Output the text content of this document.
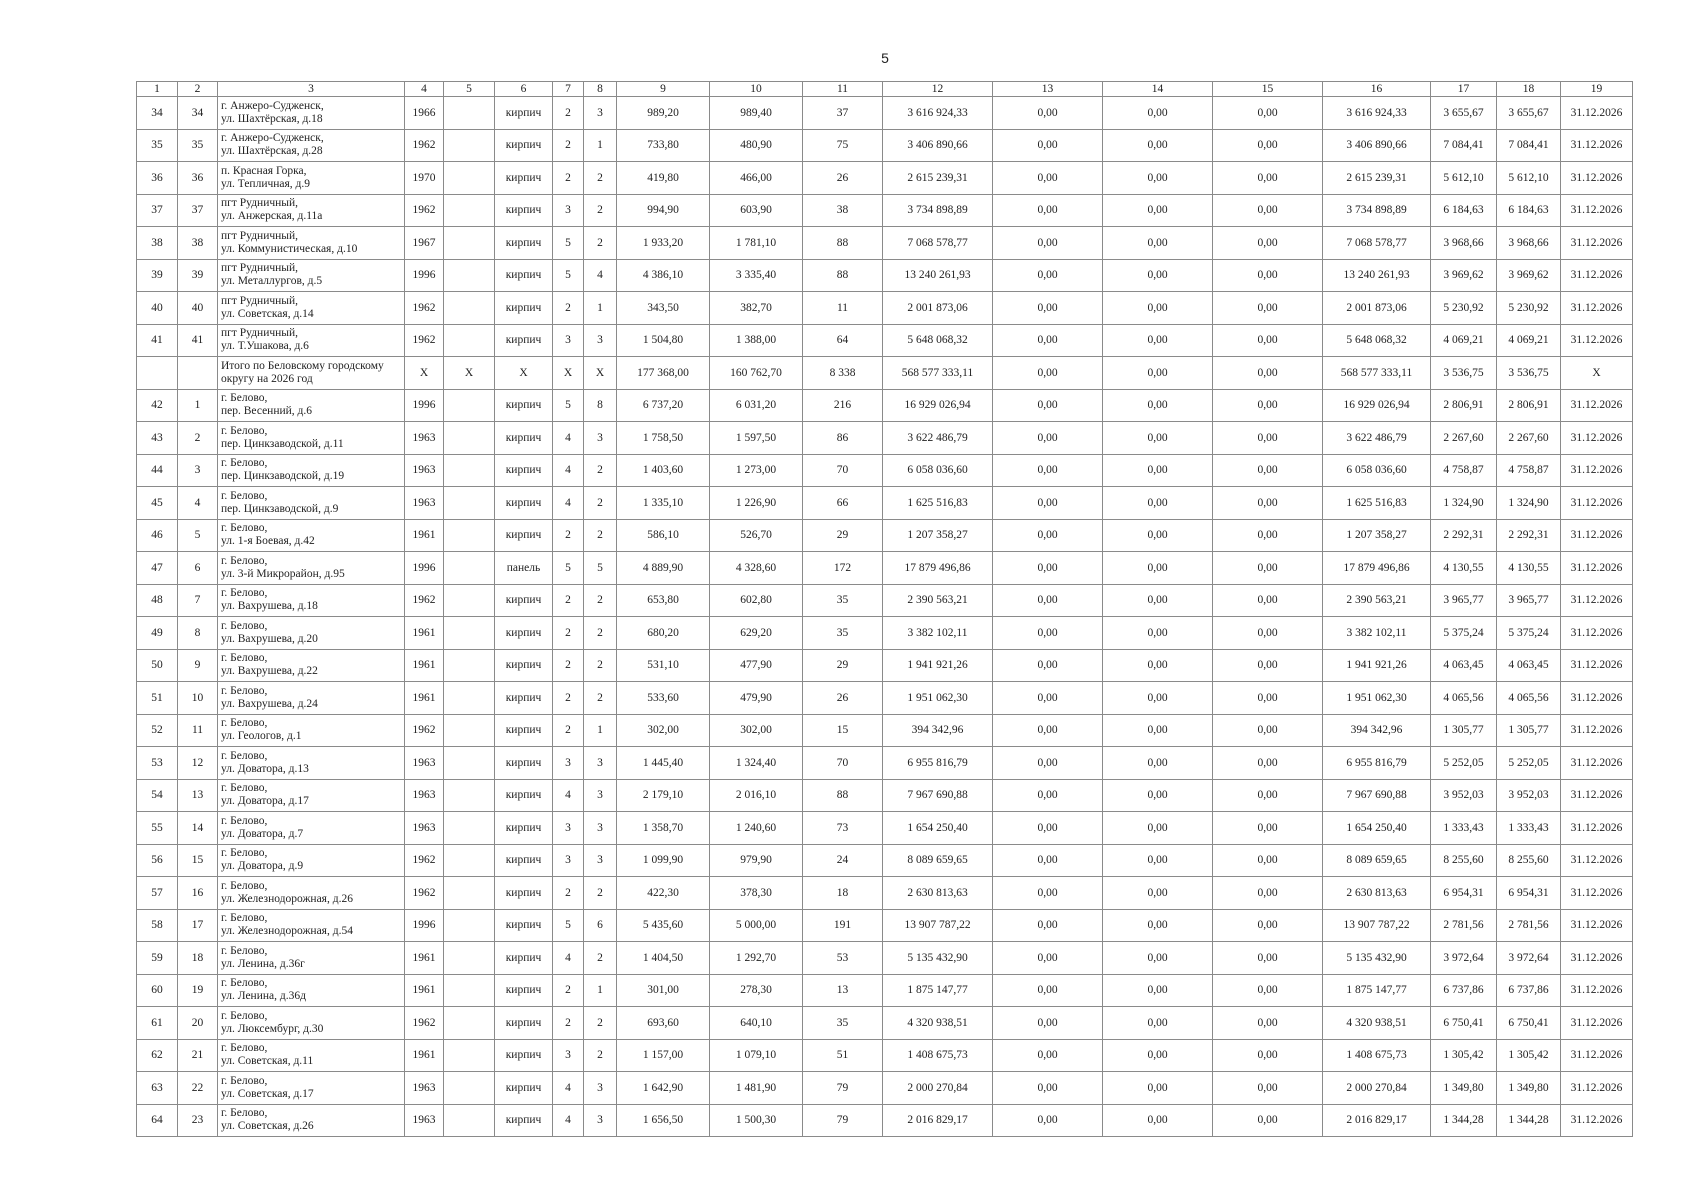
5
1	2	3	4	5	6	7	8	9	10	11	12	13	14	15	16	17	18	19
34	34	г. Анжеро-Судженск,
ул. Шахтёрская, д.18	1966		кирпич	2	3	989,20	989,40	37	3 616 924,33	0,00	0,00	0,00	3 616 924,33	3 655,67	3 655,67	31.12.2026
35	35	г. Анжеро-Судженск,
ул. Шахтёрская, д.28	1962		кирпич	2	1	733,80	480,90	75	3 406 890,66	0,00	0,00	0,00	3 406 890,66	7 084,41	7 084,41	31.12.2026
36	36	п. Красная Горка,
ул. Тепличная, д.9	1970		кирпич	2	2	419,80	466,00	26	2 615 239,31	0,00	0,00	0,00	2 615 239,31	5 612,10	5 612,10	31.12.2026
37	37	пгт Рудничный,
ул. Анжерская, д.11а	1962		кирпич	3	2	994,90	603,90	38	3 734 898,89	0,00	0,00	0,00	3 734 898,89	6 184,63	6 184,63	31.12.2026
38	38	пгт Рудничный,
ул. Коммунистическая, д.10	1967		кирпич	5	2	1 933,20	1 781,10	88	7 068 578,77	0,00	0,00	0,00	7 068 578,77	3 968,66	3 968,66	31.12.2026
39	39	пгт Рудничный,
ул. Металлургов, д.5	1996		кирпич	5	4	4 386,10	3 335,40	88	13 240 261,93	0,00	0,00	0,00	13 240 261,93	3 969,62	3 969,62	31.12.2026
40	40	пгт Рудничный,
ул. Советская, д.14	1962		кирпич	2	1	343,50	382,70	11	2 001 873,06	0,00	0,00	0,00	2 001 873,06	5 230,92	5 230,92	31.12.2026
41	41	пгт Рудничный,
ул. Т.Ушакова, д.6	1962		кирпич	3	3	1 504,80	1 388,00	64	5 648 068,32	0,00	0,00	0,00	5 648 068,32	4 069,21	4 069,21	31.12.2026

		Итого по Беловскому городскому
округу на 2026 год	X	X	X	X	X	177 368,00	160 762,70	8 338	568 577 333,11	0,00	0,00	0,00	568 577 333,11	3 536,75	3 536,75	X
42	1	г. Белово,
пер. Весенний, д.6	1996		кирпич	5	8	6 737,20	6 031,20	216	16 929 026,94	0,00	0,00	0,00	16 929 026,94	2 806,91	2 806,91	31.12.2026
43	2	г. Белово,
пер. Цинкзаводской, д.11	1963		кирпич	4	3	1 758,50	1 597,50	86	3 622 486,79	0,00	0,00	0,00	3 622 486,79	2 267,60	2 267,60	31.12.2026
44	3	г. Белово,
пер. Цинкзаводской, д.19	1963		кирпич	4	2	1 403,60	1 273,00	70	6 058 036,60	0,00	0,00	0,00	6 058 036,60	4 758,87	4 758,87	31.12.2026
45	4	г. Белово,
пер. Цинкзаводской, д.9	1963		кирпич	4	2	1 335,10	1 226,90	66	1 625 516,83	0,00	0,00	0,00	1 625 516,83	1 324,90	1 324,90	31.12.2026
46	5	г. Белово,
ул. 1-я Боевая, д.42	1961		кирпич	2	2	586,10	526,70	29	1 207 358,27	0,00	0,00	0,00	1 207 358,27	2 292,31	2 292,31	31.12.2026
47	6	г. Белово,
ул. 3-й Микрорайон, д.95	1996		панель	5	5	4 889,90	4 328,60	172	17 879 496,86	0,00	0,00	0,00	17 879 496,86	4 130,55	4 130,55	31.12.2026
48	7	г. Белово,
ул. Вахрушева, д.18	1962		кирпич	2	2	653,80	602,80	35	2 390 563,21	0,00	0,00	0,00	2 390 563,21	3 965,77	3 965,77	31.12.2026
49	8	г. Белово,
ул. Вахрушева, д.20	1961		кирпич	2	2	680,20	629,20	35	3 382 102,11	0,00	0,00	0,00	3 382 102,11	5 375,24	5 375,24	31.12.2026
50	9	г. Белово,
ул. Вахрушева, д.22	1961		кирпич	2	2	531,10	477,90	29	1 941 921,26	0,00	0,00	0,00	1 941 921,26	4 063,45	4 063,45	31.12.2026
51	10	г. Белово,
ул. Вахрушева, д.24	1961		кирпич	2	2	533,60	479,90	26	1 951 062,30	0,00	0,00	0,00	1 951 062,30	4 065,56	4 065,56	31.12.2026
52	11	г. Белово,
ул. Геологов, д.1	1962		кирпич	2	1	302,00	302,00	15	394 342,96	0,00	0,00	0,00	394 342,96	1 305,77	1 305,77	31.12.2026
53	12	г. Белово,
ул. Доватора, д.13	1963		кирпич	3	3	1 445,40	1 324,40	70	6 955 816,79	0,00	0,00	0,00	6 955 816,79	5 252,05	5 252,05	31.12.2026
54	13	г. Белово,
ул. Доватора, д.17	1963		кирпич	4	3	2 179,10	2 016,10	88	7 967 690,88	0,00	0,00	0,00	7 967 690,88	3 952,03	3 952,03	31.12.2026
55	14	г. Белово,
ул. Доватора, д.7	1963		кирпич	3	3	1 358,70	1 240,60	73	1 654 250,40	0,00	0,00	0,00	1 654 250,40	1 333,43	1 333,43	31.12.2026
56	15	г. Белово,
ул. Доватора, д.9	1962		кирпич	3	3	1 099,90	979,90	24	8 089 659,65	0,00	0,00	0,00	8 089 659,65	8 255,60	8 255,60	31.12.2026
57	16	г. Белово,
ул. Железнодорожная, д.26	1962		кирпич	2	2	422,30	378,30	18	2 630 813,63	0,00	0,00	0,00	2 630 813,63	6 954,31	6 954,31	31.12.2026
58	17	г. Белово,
ул. Железнодорожная, д.54	1996		кирпич	5	6	5 435,60	5 000,00	191	13 907 787,22	0,00	0,00	0,00	13 907 787,22	2 781,56	2 781,56	31.12.2026
59	18	г. Белово,
ул. Ленина, д.36г	1961		кирпич	4	2	1 404,50	1 292,70	53	5 135 432,90	0,00	0,00	0,00	5 135 432,90	3 972,64	3 972,64	31.12.2026
60	19	г. Белово,
ул. Ленина, д.36д	1961		кирпич	2	1	301,00	278,30	13	1 875 147,77	0,00	0,00	0,00	1 875 147,77	6 737,86	6 737,86	31.12.2026
61	20	г. Белово,
ул. Люксембург, д.30	1962		кирпич	2	2	693,60	640,10	35	4 320 938,51	0,00	0,00	0,00	4 320 938,51	6 750,41	6 750,41	31.12.2026
62	21	г. Белово,
ул. Советская, д.11	1961		кирпич	3	2	1 157,00	1 079,10	51	1 408 675,73	0,00	0,00	0,00	1 408 675,73	1 305,42	1 305,42	31.12.2026
63	22	г. Белово,
ул. Советская, д.17	1963		кирпич	4	3	1 642,90	1 481,90	79	2 000 270,84	0,00	0,00	0,00	2 000 270,84	1 349,80	1 349,80	31.12.2026
64	23	г. Белово,
ул. Советская, д.26	1963		кирпич	4	3	1 656,50	1 500,30	79	2 016 829,17	0,00	0,00	0,00	2 016 829,17	1 344,28	1 344,28	31.12.2026
